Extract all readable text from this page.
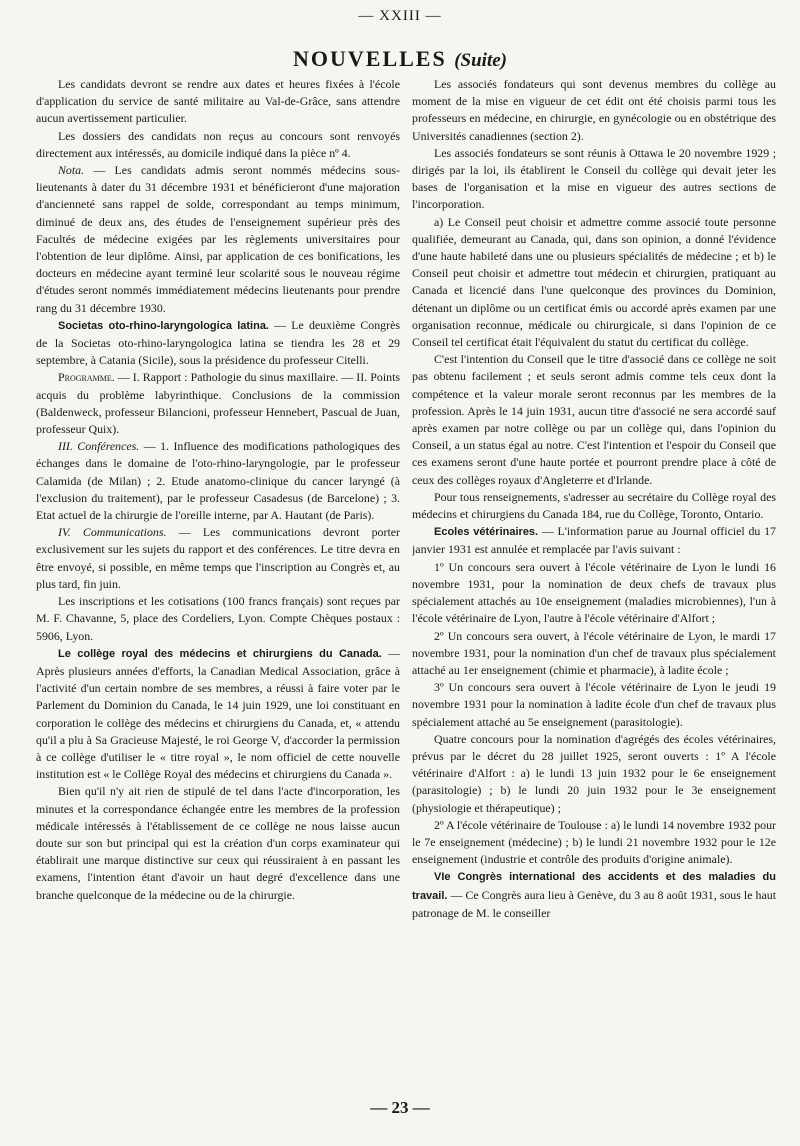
— XXIII —
NOUVELLES (Suite)

Les candidats devront se rendre aux dates et heures fixées à l'école d'application du service de santé militaire au Val-de-Grâce, sans attendre aucun avertissement particulier.

Les dossiers des candidats non reçus au concours sont renvoyés directement aux intéressés, au domicile indiqué dans la pièce nº 4.

Nota. — Les candidats admis seront nommés médecins sous-lieutenants à dater du 31 décembre 1931 et bénéficieront d'une majoration d'ancienneté sans rappel de solde, correspondant au temps minimum, diminué de deux ans, des études de l'enseignement supérieur près des Facultés de médecine exigées par les règlements universitaires pour l'obtention de leur diplôme. Ainsi, par application de ces bonifications, les docteurs en médecine ayant terminé leur scolarité sous le nouveau régime d'études seront nommés immédiatement médecins lieutenants pour prendre rang du 31 décembre 1930.

Societas oto-rhino-laryngologica latina. — Le deuxième Congrès de la Societas oto-rhino-laryngologica latina se tiendra les 28 et 29 septembre, à Catania (Sicile), sous la présidence du professeur Citelli.

Programme. — I. Rapport : Pathologie du sinus maxillaire. — II. Points acquis du problème labyrinthique. Conclusions de la commission (Baldenweck, professeur Bilancioni, professeur Hennebert, Pascual de Juan, professeur Quix).

III. Conférences. — 1. Influence des modifications pathologiques des échanges dans le domaine de l'oto-rhino-laryngologie, par le professeur Calamida (de Milan) ; 2. Etude anatomo-clinique du cancer laryngé (à l'exclusion du traitement), par le professeur Casadesus (de Barcelone) ; 3. Etat actuel de la chirurgie de l'oreille interne, par A. Hautant (de Paris).

IV. Communications. — Les communications devront porter exclusivement sur les sujets du rapport et des conférences. Le titre devra en être envoyé, si possible, en même temps que l'inscription au Congrès et, au plus tard, fin juin.

Les inscriptions et les cotisations (100 francs français) sont reçues par M. F. Chavanne, 5, place des Cordeliers, Lyon. Compte Chèques postaux : 5906, Lyon.

Le collège royal des médecins et chirurgiens du Canada. — Après plusieurs années d'efforts, la Canadian Medical Association, grâce à l'activité d'un certain nombre de ses membres, a réussi à faire voter par le Parlement du Dominion du Canada, le 14 juin 1929, une loi constituant en corporation le collège des médecins et chirurgiens du Canada, et, « attendu qu'il a plu à Sa Gracieuse Majesté, le roi George V, d'accorder la permission à ce collège d'utiliser le « titre royal », le nom officiel de cette nouvelle institution est « le Collège Royal des médecins et chirurgiens du Canada ».

Bien qu'il n'y ait rien de stipulé de tel dans l'acte d'incorporation, les minutes et la correspondance échangée entre les membres de la profession médicale intéressés à l'établissement de ce collège ne nous laisse aucun doute sur son but principal qui est la création d'un corps examinateur qui établirait une marque distinctive sur ceux qui réussiraient à en passant les examens, l'intention étant d'avoir un haut degré d'excellence dans une branche quelconque de la médecine ou de la chirurgie.

Les associés fondateurs qui sont devenus membres du collège au moment de la mise en vigueur de cet édit ont été choisis parmi tous les professeurs en médecine, en chirurgie, en gynécologie ou en obstétrique des Universités canadiennes (section 2).

Les associés fondateurs se sont réunis à Ottawa le 20 novembre 1929 ; dirigés par la loi, ils établirent le Conseil du collège qui devait jeter les bases de l'organisation et la mise en vigueur des autres sections de l'incorporation.

a) Le Conseil peut choisir et admettre comme associé toute personne qualifiée, demeurant au Canada, qui, dans son opinion, a donné l'évidence d'une haute habileté dans une ou plusieurs spécialités de médecine ; et b) le Conseil peut choisir et admettre tout médecin et chirurgien, pratiquant au Canada et licencié dans l'une quelconque des provinces du Dominion, détenant un diplôme ou un certificat émis ou accordé après examen par une organisation reconnue, médicale ou chirurgicale, si dans l'opinion de ce Conseil tel certificat était l'équivalent du statut du certificat du collège.

C'est l'intention du Conseil que le titre d'associé dans ce collège ne soit pas obtenu facilement ; et seuls seront admis comme tels ceux dont la compétence et la valeur morale seront reconnus par les membres de la profession. Après le 14 juin 1931, aucun titre d'associé ne sera accordé sauf après examen par notre collège ou par un collège qui, dans l'opinion du Conseil, a un status égal au notre. C'est l'intention et l'espoir du Conseil que ces examens seront d'une haute portée et pourront prendre place à côté de ceux des collèges royaux d'Angleterre et d'Irlande.

Pour tous renseignements, s'adresser au secrétaire du Collège royal des médecins et chirurgiens du Canada 184, rue du Collège, Toronto, Ontario.

Ecoles vétérinaires. — L'information parue au Journal officiel du 17 janvier 1931 est annulée et remplacée par l'avis suivant :

1º Un concours sera ouvert à l'école vétérinaire de Lyon le lundi 16 novembre 1931, pour la nomination de deux chefs de travaux plus spécialement attachés au 10e enseignement (maladies microbiennes), l'un à l'école vétérinaire de Lyon, l'autre à l'école vétérinaire d'Alfort ;

2º Un concours sera ouvert, à l'école vétérinaire de Lyon, le mardi 17 novembre 1931, pour la nomination d'un chef de travaux plus spécialement attaché au 1er enseignement (chimie et pharmacie), à ladite école ;

3º Un concours sera ouvert à l'école vétérinaire de Lyon le jeudi 19 novembre 1931 pour la nomination à ladite école d'un chef de travaux plus spécialement attaché au 5e enseignement (parasitologie).

Quatre concours pour la nomination d'agrégés des écoles vétérinaires, prévus par le décret du 28 juillet 1925, seront ouverts : 1º A l'école vétérinaire d'Alfort : a) le lundi 13 juin 1932 pour le 6e enseignement (parasitologie) ; b) le lundi 20 juin 1932 pour le 3e enseignement (physiologie et thérapeutique) ;

2º A l'école vétérinaire de Toulouse : a) le lundi 14 novembre 1932 pour le 7e enseignement (médecine) ; b) le lundi 21 novembre 1932 pour le 12e enseignement (industrie et contrôle des produits d'origine animale).

VIe Congrès international des accidents et des maladies du travail. — Ce Congrès aura lieu à Genève, du 3 au 8 août 1931, sous le haut patronage de M. le conseiller

— 23 —
